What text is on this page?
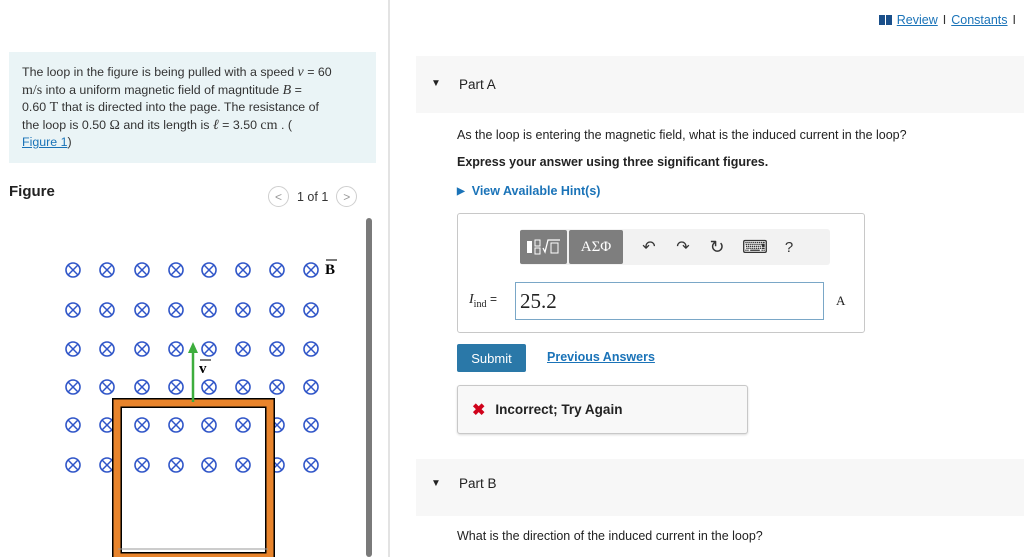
The loop in the figure is being pulled with a speed v = 60
m/s into a uniform magnetic field of magntitude B =
0.60 T that is directed into the page. The resistance of
the loop is 0.50 Ω and its length is ℓ = 3.50 cm . (
Figure 1)
Figure	<	1 of 1	>
v
B
Review I Constants I
▼ Part A
As the loop is entering the magnetic field, what is the induced current in the loop?
Express your answer using three significant figures.
▶ View Available Hint(s)
ΑΣΦ	↶	↷	↻ ⌨	?
$I_{ind} = 25.2$	A
Submit	Previous Answers
✖ Incorrect; Try Again
▼ Part B
What is the direction of the induced current in the loop?
